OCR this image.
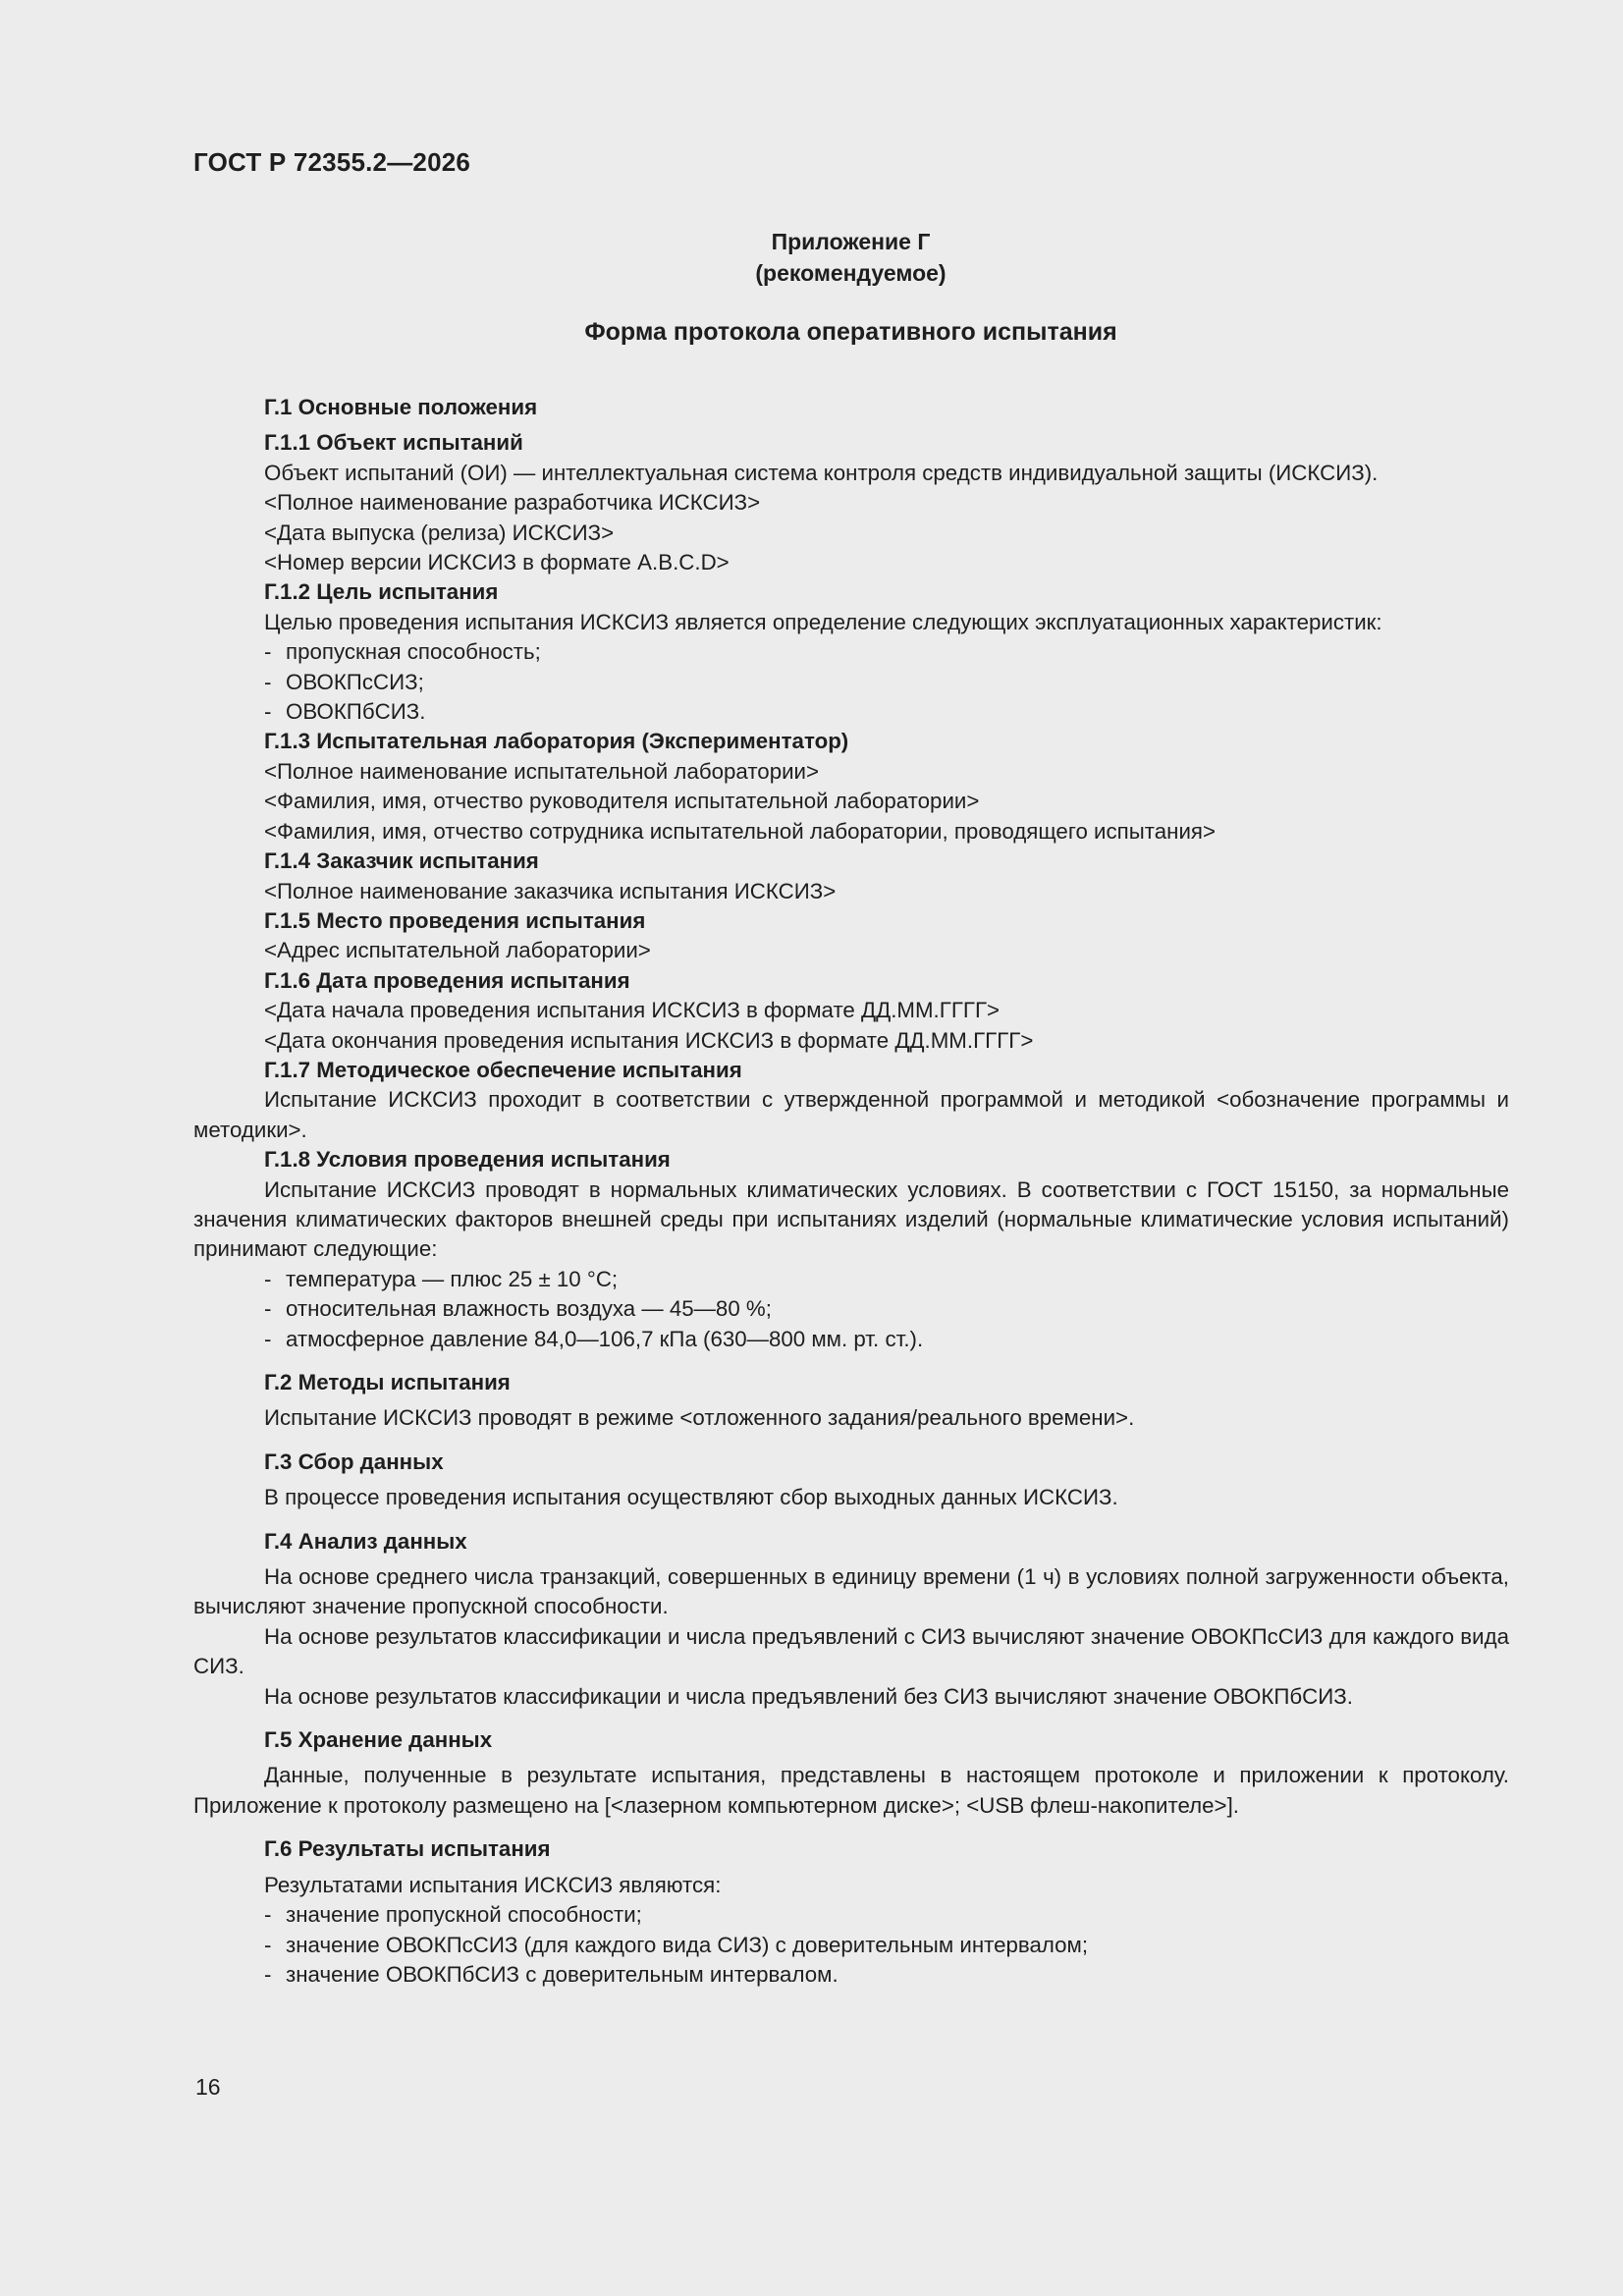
ГОСТ Р 72355.2—2026
Приложение Г
(рекомендуемое)
Форма протокола оперативного испытания

Г.1 Основные положения

Г.1.1 Объект испытаний

Объект испытаний (ОИ) — интеллектуальная система контроля средств индивидуальной защиты (ИСКСИЗ).

<Полное наименование разработчика ИСКСИЗ>

<Дата выпуска (релиза) ИСКСИЗ>

<Номер версии ИСКСИЗ в формате A.B.C.D>

Г.1.2 Цель испытания

Целью проведения испытания ИСКСИЗ является определение следующих эксплуатационных характеристик:

- пропускная способность;

- ОВОКПсСИЗ;

- ОВОКПбСИЗ.

Г.1.3 Испытательная лаборатория (Экспериментатор)

<Полное наименование испытательной лаборатории>

<Фамилия, имя, отчество руководителя испытательной лаборатории>

<Фамилия, имя, отчество сотрудника испытательной лаборатории, проводящего испытания>

Г.1.4 Заказчик испытания

<Полное наименование заказчика испытания ИСКСИЗ>

Г.1.5 Место проведения испытания

<Адрес испытательной лаборатории>

Г.1.6 Дата проведения испытания

<Дата начала проведения испытания ИСКСИЗ в формате ДД.ММ.ГГГГ>

<Дата окончания проведения испытания ИСКСИЗ в формате ДД.ММ.ГГГГ>

Г.1.7 Методическое обеспечение испытания

Испытание ИСКСИЗ проходит в соответствии с утвержденной программой и методикой <обозначение программы и методики>.

Г.1.8 Условия проведения испытания

Испытание ИСКСИЗ проводят в нормальных климатических условиях. В соответствии с ГОСТ 15150, за нормальные значения климатических факторов внешней среды при испытаниях изделий (нормальные климатические условия испытаний) принимают следующие:

- температура — плюс 25 ± 10 °С;

- относительная влажность воздуха — 45—80 %;

- атмосферное давление 84,0—106,7 кПа (630—800 мм. рт. ст.).

Г.2 Методы испытания

Испытание ИСКСИЗ проводят в режиме <отложенного задания/реального времени>.

Г.3 Сбор данных

В процессе проведения испытания осуществляют сбор выходных данных ИСКСИЗ.

Г.4 Анализ данных

На основе среднего числа транзакций, совершенных в единицу времени (1 ч) в условиях полной загруженности объекта, вычисляют значение пропускной способности.

На основе результатов классификации и числа предъявлений с СИЗ вычисляют значение ОВОКПсСИЗ для каждого вида СИЗ.

На основе результатов классификации и числа предъявлений без СИЗ вычисляют значение ОВОКПбСИЗ.

Г.5 Хранение данных

Данные, полученные в результате испытания, представлены в настоящем протоколе и приложении к протоколу. Приложение к протоколу размещено на [<лазерном компьютерном диске>; <USB флеш-накопителе>].

Г.6 Результаты испытания

Результатами испытания ИСКСИЗ являются:

- значение пропускной способности;

- значение ОВОКПсСИЗ (для каждого вида СИЗ) с доверительным интервалом;

- значение ОВОКПбСИЗ с доверительным интервалом.

16
